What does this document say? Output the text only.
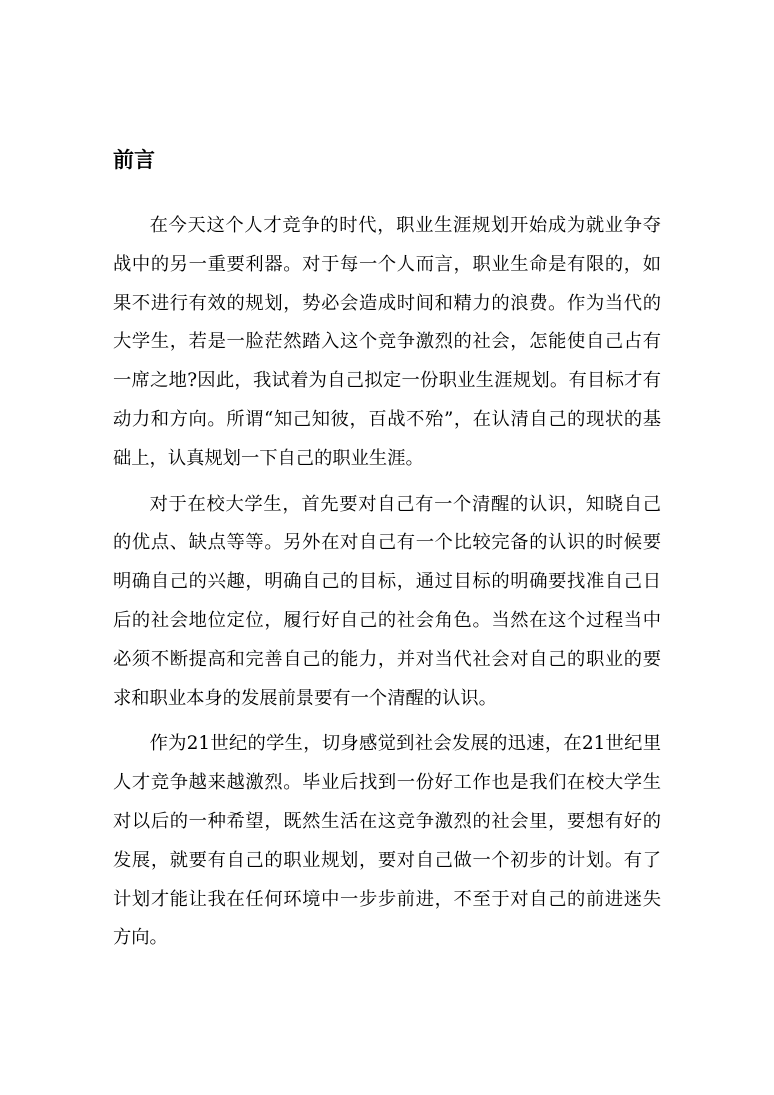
前言

在今天这个人才竞争的时代，职业生涯规划开始成为就业争夺战中的另一重要利器。对于每一个人而言，职业生命是有限的，如果不进行有效的规划，势必会造成时间和精力的浪费。作为当代的大学生，若是一脸茫然踏入这个竞争激烈的社会，怎能使自己占有一席之地?因此，我试着为自己拟定一份职业生涯规划。有目标才有动力和方向。所谓“知己知彼，百战不殆”，在认清自己的现状的基础上，认真规划一下自己的职业生涯。

对于在校大学生，首先要对自己有一个清醒的认识，知晓自己的优点、缺点等等。另外在对自己有一个比较完备的认识的时候要明确自己的兴趣，明确自己的目标，通过目标的明确要找准自己日后的社会地位定位，履行好自己的社会角色。当然在这个过程当中必须不断提高和完善自己的能力，并对当代社会对自己的职业的要求和职业本身的发展前景要有一个清醒的认识。

作为21世纪的学生，切身感觉到社会发展的迅速，在21世纪里人才竞争越来越激烈。毕业后找到一份好工作也是我们在校大学生对以后的一种希望，既然生活在这竞争激烈的社会里，要想有好的发展，就要有自己的职业规划，要对自己做一个初步的计划。有了计划才能让我在任何环境中一步步前进，不至于对自己的前进迷失方向。
